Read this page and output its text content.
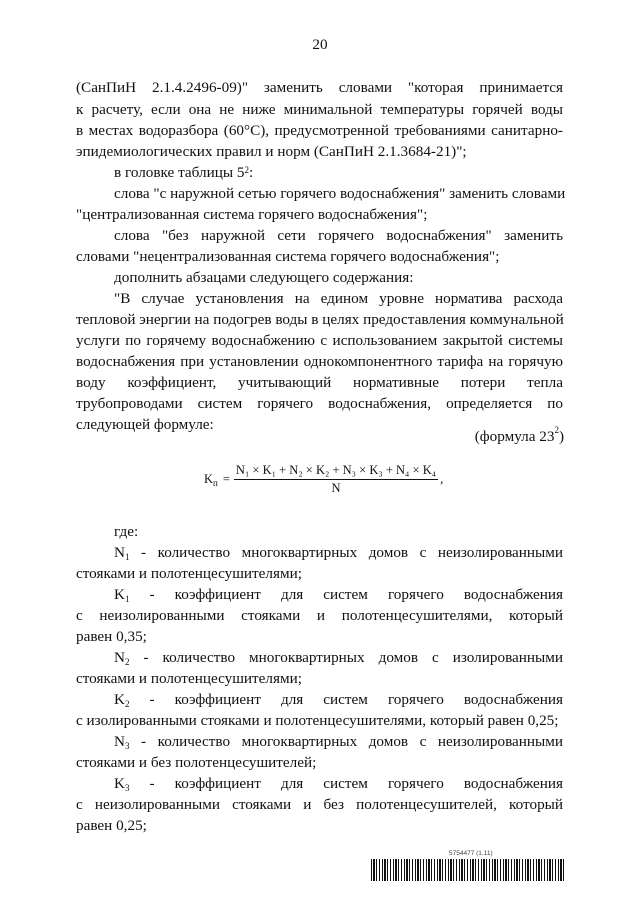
20
(СанПиН 2.1.4.2496-09)" заменить словами "которая принимается
к расчету, если она не ниже минимальной температуры горячей воды
в местах водоразбора (60°С), предусмотренной требованиями санитарно-
эпидемиологических правил и норм (СанПиН 2.1.3684-21)";
в головке таблицы $5^2$:
слова "с наружной сетью горячего водоснабжения" заменить словами
"централизованная система горячего водоснабжения";
слова "без наружной сети горячего водоснабжения" заменить
словами "нецентрализованная система горячего водоснабжения";
дополнить абзацами следующего содержания:
"В случае установления на едином уровне норматива расхода
тепловой энергии на подогрев воды в целях предоставления коммунальной
услуги по горячему водоснабжению с использованием закрытой системы
водоснабжения при установлении однокомпонентного тарифа на горячую
воду коэффициент, учитывающий нормативные потери тепла
трубопроводами систем горячего водоснабжения, определяется по
следующей формуле:
(формула $23^2$)
$K_п = \frac{\text{N₁ × K₁ + N₂ × K₂ + N₃ × K₃ + N₄ × K₄}}{N}$ ,
где:
$N_1$ - количество многоквартирных домов с неизолированными
стояками и полотенцесушителями;
$K_1$ - коэффициент для систем горячего водоснабжения
с неизолированными стояками и полотенцесушителями, который
равен 0,35;
$N_2$ - количество многоквартирных домов с изолированными
стояками и полотенцесушителями;
$K_2$ - коэффициент для систем горячего водоснабжения
с изолированными стояками и полотенцесушителями, который равен 0,25;
$N_3$ - количество многоквартирных домов с неизолированными
стояками и без полотенцесушителей;
$K_3$ - коэффициент для систем горячего водоснабжения
с неизолированными стояками и без полотенцесушителей, который
равен 0,25;
5754477 (1.11)
